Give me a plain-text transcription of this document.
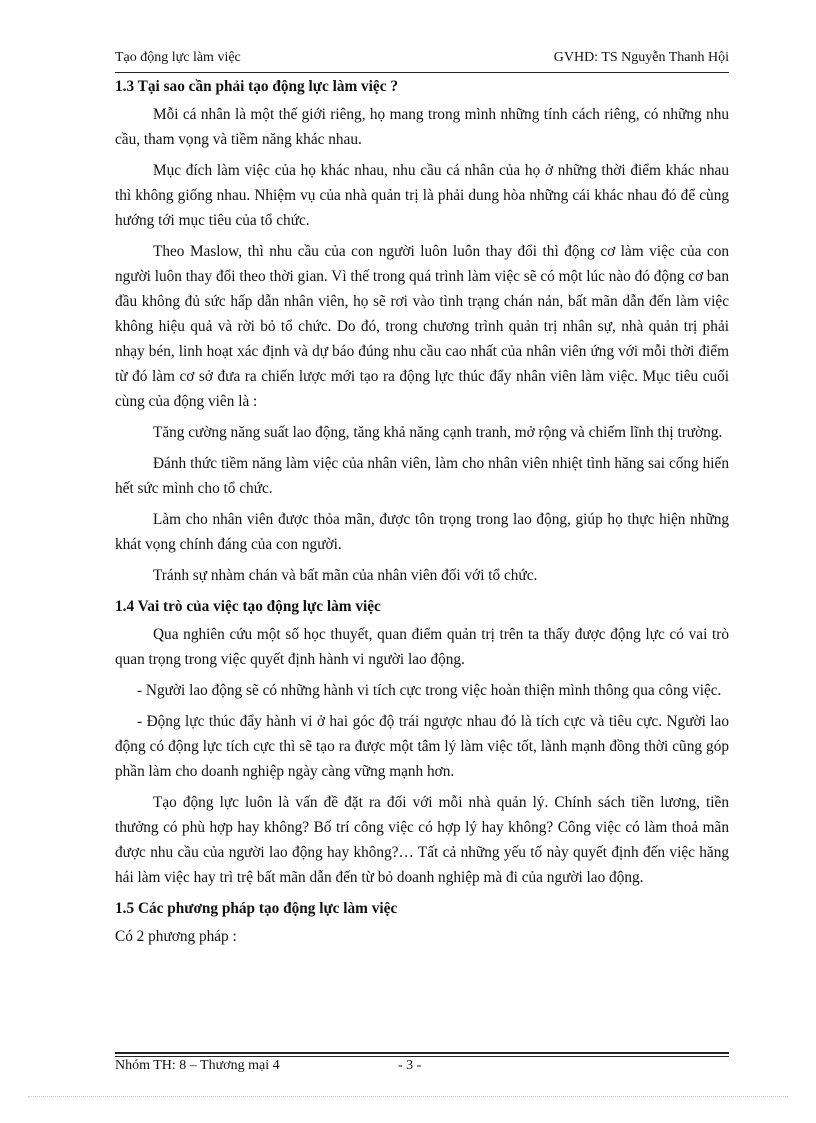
Tạo động lực làm việc	GVHD: TS Nguyễn Thanh Hội
1.3 Tại sao cần phải tạo động lực làm việc ?

Mỗi cá nhân là một thế giới riêng, họ mang trong mình những tính cách riêng, có những nhu cầu, tham vọng và tiềm năng khác nhau.

Mục đích làm việc của họ khác nhau, nhu cầu cá nhân của họ ở những thời điểm khác nhau thì không giống nhau. Nhiệm vụ của nhà quản trị là phải dung hòa những cái khác nhau đó để cùng hướng tới mục tiêu của tổ chức.

Theo Maslow, thì nhu cầu của con người luôn luôn thay đổi thì động cơ làm việc của con người luôn thay đổi theo thời gian. Vì thế trong quá trình làm việc sẽ có một lúc nào đó động cơ ban đầu không đủ sức hấp dẫn nhân viên, họ sẽ rơi vào tình trạng chán nản, bất mãn dẫn đến làm việc không hiệu quả và rời bỏ tổ chức. Do đó, trong chương trình quản trị nhân sự, nhà quản trị phải nhạy bén, linh hoạt xác định và dự báo đúng nhu cầu cao nhất của nhân viên ứng với mỗi thời điểm từ đó làm cơ sở đưa ra chiến lược mới tạo ra động lực thúc đẩy nhân viên làm việc. Mục tiêu cuối cùng của động viên là :

Tăng cường năng suất lao động, tăng khả năng cạnh tranh, mở rộng và chiếm lĩnh thị trường.

Đánh thức tiềm năng làm việc của nhân viên, làm cho nhân viên nhiệt tình hăng sai cống hiến hết sức mình cho tổ chức.

Làm cho nhân viên được thỏa mãn, được tôn trọng trong lao động, giúp họ thực hiện những khát vọng chính đáng của con người.

Tránh sự nhàm chán và bất mãn của nhân viên đối với tổ chức.

1.4 Vai trò của việc tạo động lực làm việc

Qua nghiên cứu một số học thuyết, quan điểm quản trị trên ta thấy được động lực có vai trò quan trọng trong việc quyết định hành vi người lao động.

- Người lao động sẽ có những hành vi tích cực trong việc hoàn thiện mình thông qua công việc.

- Động lực thúc đẩy hành vi ở hai góc độ trái ngược nhau đó là tích cực và tiêu cực. Người lao động có động lực tích cực thì sẽ tạo ra được một tâm lý làm việc tốt, lành mạnh đồng thời cũng góp phần làm cho doanh nghiệp ngày càng vững mạnh hơn.

Tạo động lực luôn là vấn đề đặt ra đối với mỗi nhà quản lý. Chính sách tiền lương, tiền thưởng có phù hợp hay không? Bố trí công việc có hợp lý hay không? Công việc có làm thoả mãn được nhu cầu của người lao động hay không?… Tất cả những yếu tố này quyết định đến việc hăng hái làm việc hay trì trệ bất mãn dẫn đến từ bỏ doanh nghiệp mà đi của người lao động.

1.5 Các phương pháp tạo động lực làm việc

Có 2 phương pháp :

Nhóm TH: 8 – Thương mại 4	- 3 -
